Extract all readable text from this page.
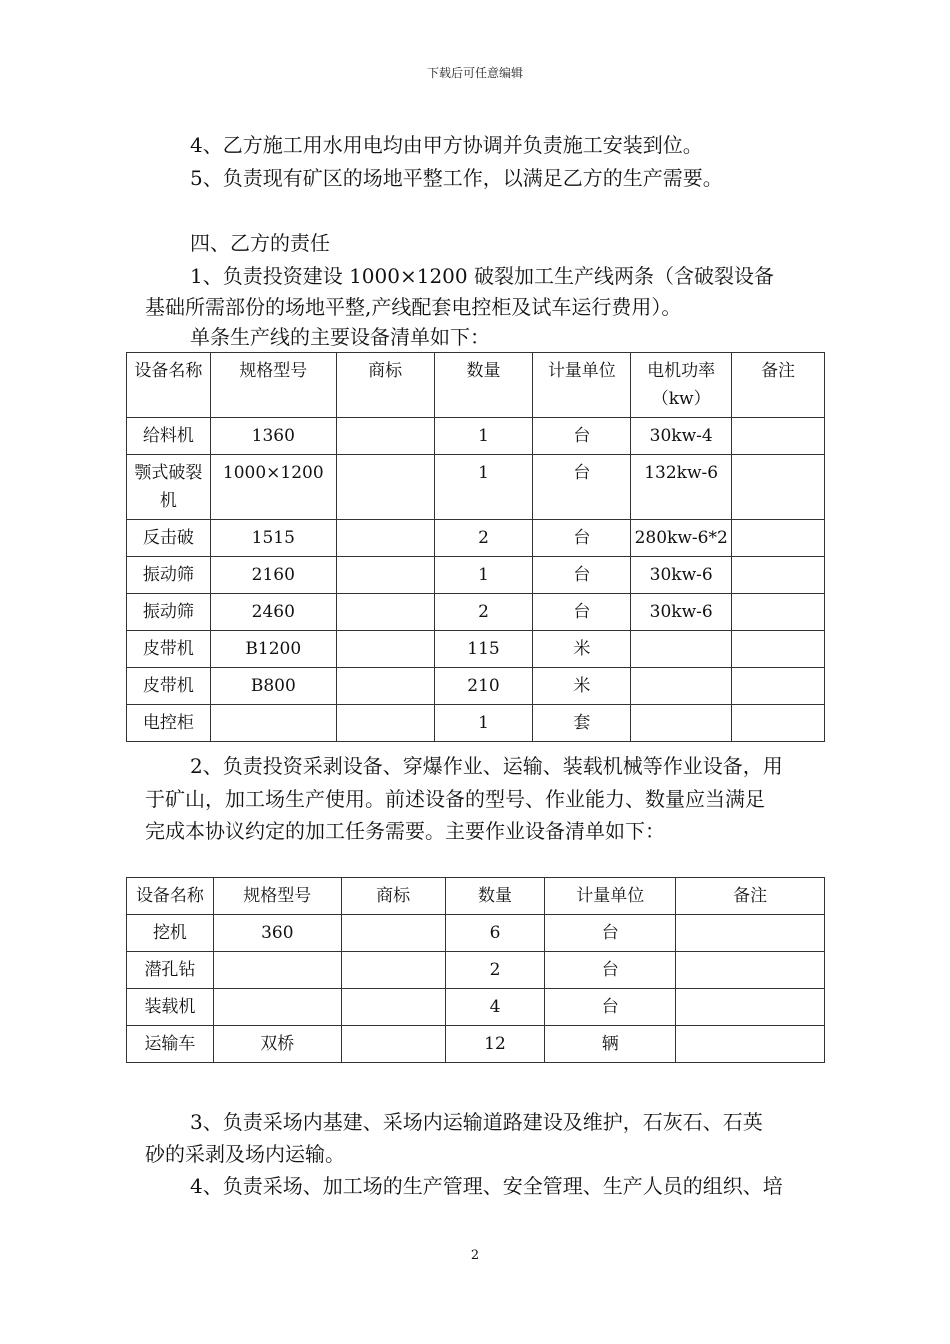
下载后可任意编辑
4、乙方施工用水用电均由甲方协调并负责施工安装到位。
5、负责现有矿区的场地平整工作，以满足乙方的生产需要。
四、乙方的责任
1、负责投资建设 1000×1200 破裂加工生产线两条（含破裂设备
基础所需部份的场地平整,产线配套电控柜及试车运行费用）。
单条生产线的主要设备清单如下：
设备名称	规格型号	商标	数量	计量单位	电机功率（kw）	备注
给料机	1360		1	台	30kw-4	
颚式破裂机	1000×1200		1	台	132kw-6	
反击破	1515		2	台	280kw-6*2	
振动筛	2160		1	台	30kw-6	
振动筛	2460		2	台	30kw-6	
皮带机	B1200		115	米		
皮带机	B800		210	米		
电控柜			1	套		
2、负责投资采剥设备、穿爆作业、运输、装载机械等作业设备，用
于矿山，加工场生产使用。前述设备的型号、作业能力、数量应当满足
完成本协议约定的加工任务需要。主要作业设备清单如下：
设备名称	规格型号	商标	数量	计量单位	备注
挖机	360		6	台	
潜孔钻			2	台	
装载机			4	台	
运输车	双桥		12	辆	
3、负责采场内基建、采场内运输道路建设及维护，石灰石、石英
砂的采剥及场内运输。
4、负责采场、加工场的生产管理、安全管理、生产人员的组织、培
2
